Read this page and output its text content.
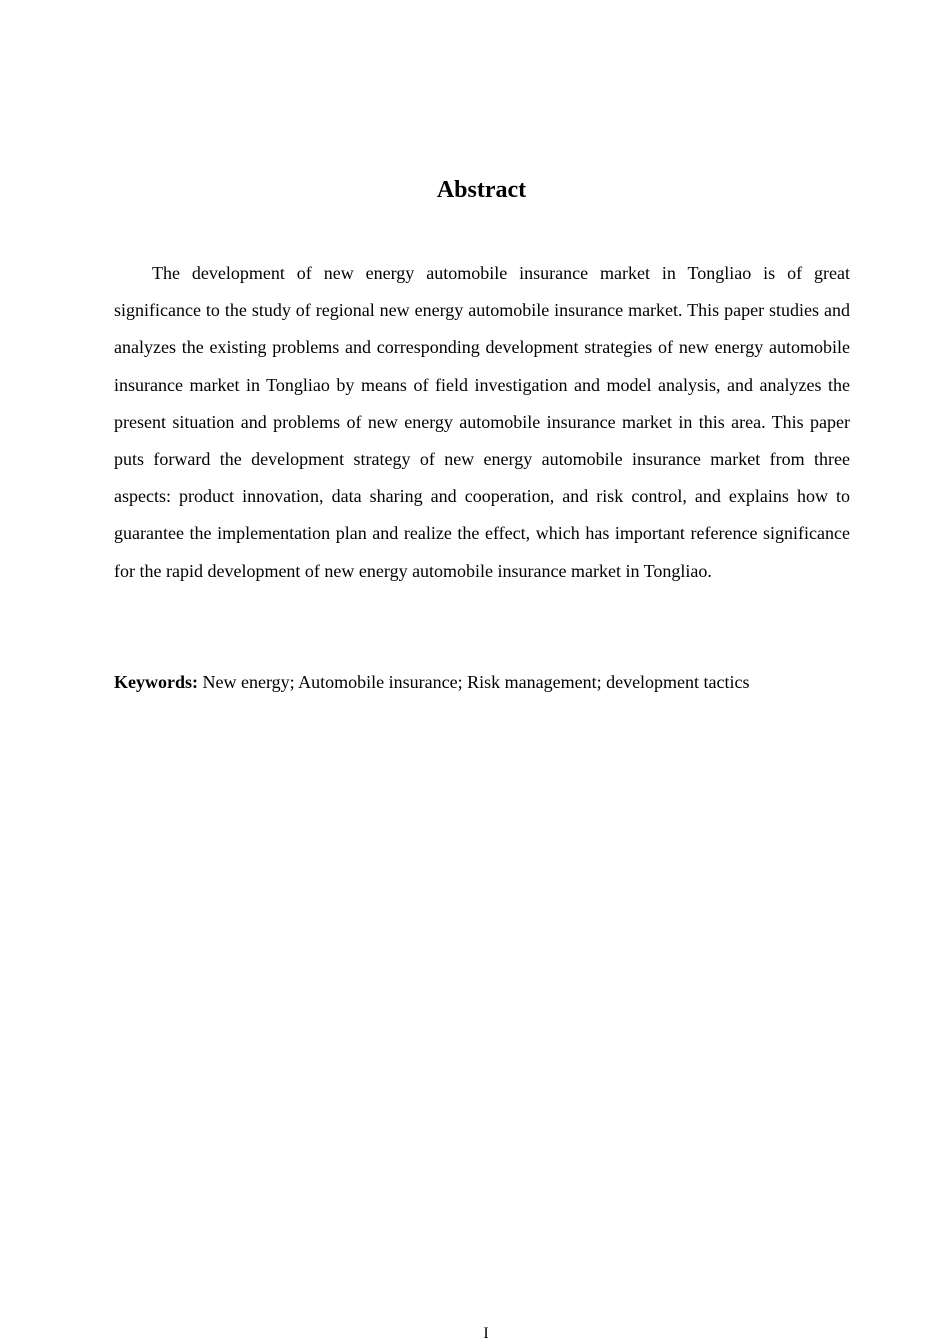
Abstract

The development of new energy automobile insurance market in Tongliao is of great significance to the study of regional new energy automobile insurance market. This paper studies and analyzes the existing problems and corresponding development strategies of new energy automobile insurance market in Tongliao by means of field investigation and model analysis, and analyzes the present situation and problems of new energy automobile insurance market in this area. This paper puts forward the development strategy of new energy automobile insurance market from three aspects: product innovation, data sharing and cooperation, and risk control, and explains how to guarantee the implementation plan and realize the effect, which has important reference significance for the rapid development of new energy automobile insurance market in Tongliao.

Keywords: New energy; Automobile insurance; Risk management; development tactics

I
